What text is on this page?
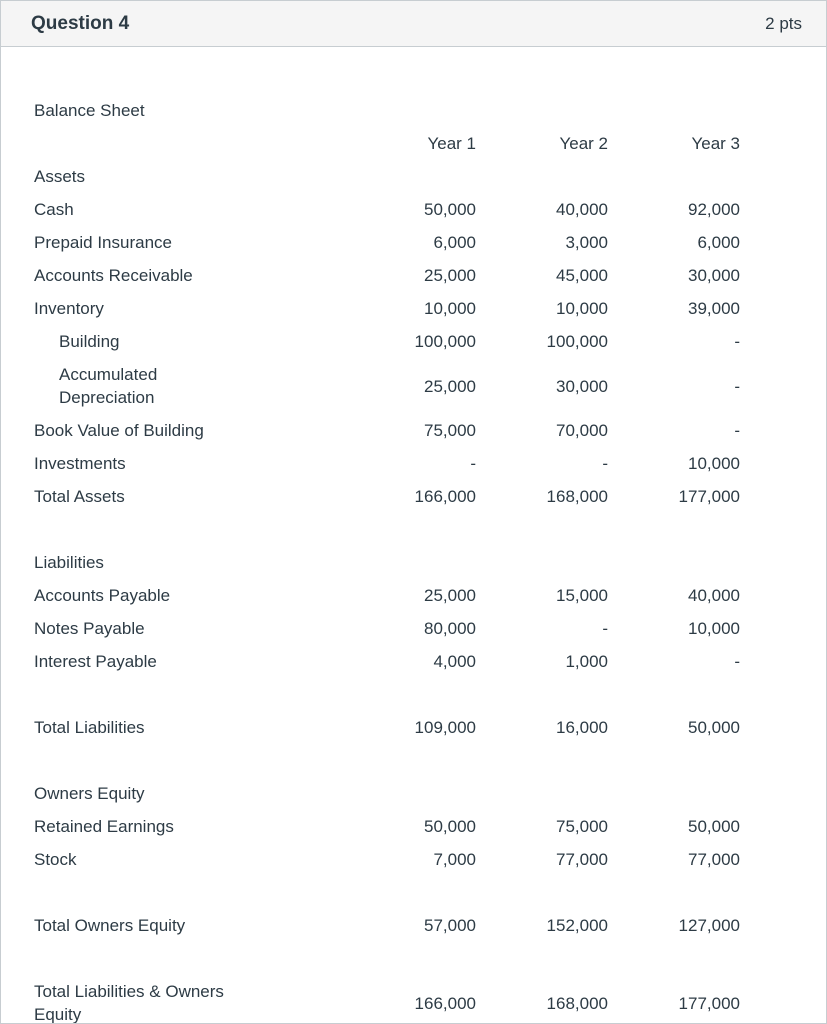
Question 4	2 pts
Balance Sheet
	Year 1	Year 2	Year 3

Assets			

Cash	50,000	40,000	92,000

Prepaid Insurance	6,000	3,000	6,000

Accounts Receivable	25,000	45,000	30,000

Inventory	10,000	10,000	39,000

Building	100,000	100,000	-

Accumulated Depreciation	25,000	30,000	-

Book Value of Building	75,000	70,000	-

Investments	-	-	10,000

Total Assets	166,000	168,000	177,000

Liabilities			

Accounts Payable	25,000	15,000	40,000

Notes Payable	80,000	-	10,000

Interest Payable	4,000	1,000	-

Total Liabilities	109,000	16,000	50,000

Owners Equity			

Retained Earnings	50,000	75,000	50,000

Stock	7,000	77,000	77,000

Total Owners Equity	57,000	152,000	127,000

Total Liabilities & Owners Equity	166,000	168,000	177,000
